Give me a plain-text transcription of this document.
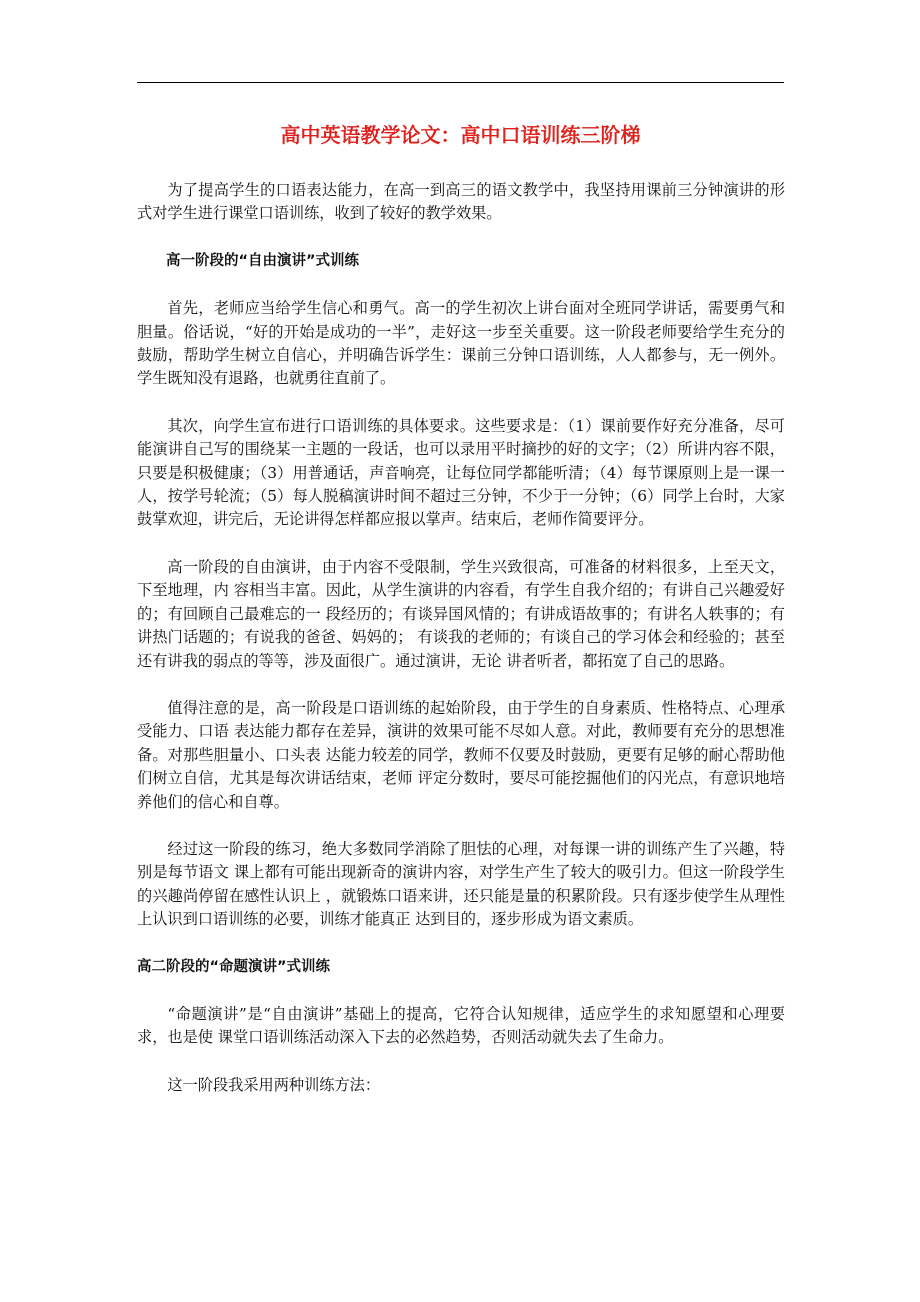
高中英语教学论文：高中口语训练三阶梯

为了提高学生的口语表达能力，在高一到高三的语文教学中，我坚持用课前三分钟演讲的形式对学生进行课堂口语训练，收到了较好的教学效果。

高一阶段的“自由演讲”式训练

首先，老师应当给学生信心和勇气。高一的学生初次上讲台面对全班同学讲话，需要勇气和胆量。俗话说，“好的开始是成功的一半”，走好这一步至关重要。这一阶段老师要给学生充分的鼓励，帮助学生树立自信心，并明确告诉学生：课前三分钟口语训练，人人都参与，无一例外。学生既知没有退路，也就勇往直前了。

其次，向学生宣布进行口语训练的具体要求。这些要求是：（1）课前要作好充分准备，尽可能演讲自己写的围绕某一主题的一段话，也可以录用平时摘抄的好的文字；（2）所讲内容不限，只要是积极健康；（3）用普通话，声音响亮，让每位同学都能听清；（4）每节课原则上是一课一人，按学号轮流；（5）每人脱稿演讲时间不超过三分钟，不少于一分钟；（6）同学上台时，大家鼓掌欢迎，讲完后，无论讲得怎样都应报以掌声。结束后，老师作简要评分。

高一阶段的自由演讲，由于内容不受限制，学生兴致很高，可准备的材料很多，上至天文，下至地理，内 容相当丰富。因此，从学生演讲的内容看，有学生自我介绍的；有讲自己兴趣爱好的；有回顾自己最难忘的一 段经历的；有谈异国风情的；有讲成语故事的；有讲名人轶事的；有讲热门话题的；有说我的爸爸、妈妈的； 有谈我的老师的；有谈自己的学习体会和经验的；甚至还有讲我的弱点的等等，涉及面很广。通过演讲，无论 讲者听者，都拓宽了自己的思路。

值得注意的是，高一阶段是口语训练的起始阶段，由于学生的自身素质、性格特点、心理承受能力、口语 表达能力都存在差异，演讲的效果可能不尽如人意。对此，教师要有充分的思想准备。对那些胆量小、口头表 达能力较差的同学，教师不仅要及时鼓励，更要有足够的耐心帮助他们树立自信，尤其是每次讲话结束，老师 评定分数时，要尽可能挖掘他们的闪光点，有意识地培养他们的信心和自尊。

经过这一阶段的练习，绝大多数同学消除了胆怯的心理，对每课一讲的训练产生了兴趣，特别是每节语文 课上都有可能出现新奇的演讲内容，对学生产生了较大的吸引力。但这一阶段学生的兴趣尚停留在感性认识上 ，就锻炼口语来讲，还只能是量的积累阶段。只有逐步使学生从理性上认识到口语训练的必要，训练才能真正 达到目的，逐步形成为语文素质。

高二阶段的“命题演讲”式训练

“命题演讲”是“自由演讲”基础上的提高，它符合认知规律，适应学生的求知愿望和心理要求，也是使 课堂口语训练活动深入下去的必然趋势，否则活动就失去了生命力。

这一阶段我采用两种训练方法：
